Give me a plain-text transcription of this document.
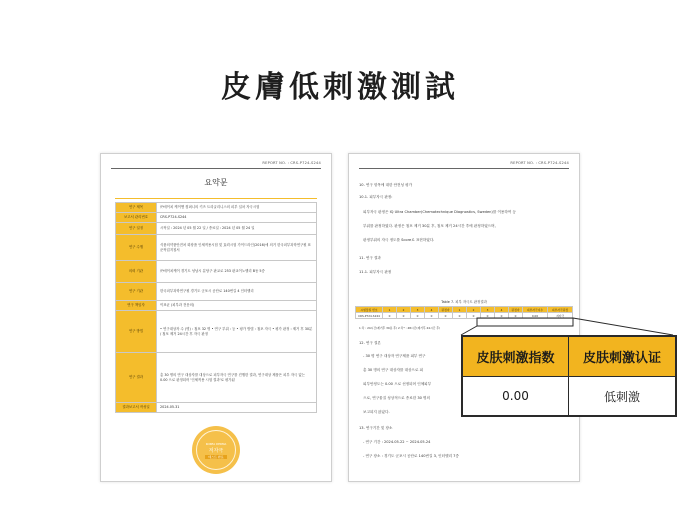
皮膚低刺激測試
REPORT NO. : CRS-P724-S244
요약문
연구 제목	㈜에이치 케이엔 컴퍼니의 키즈 트리클리니스의 피부 일차 자극시험
보고서 관리번호	CRS-P724-S244
연구 일정	시작일 : 2024 년 05 월 22 일 / 종료일 : 2024 년 05 월 24 일
연구 수행	식품의약품안전처 화장품 인체적용시험 및 효력시험 가이드라인(2016)에 의거 한국피부과학연구원 표준작업지침서
의뢰 기관	㈜에이치케이 경기도 성남시 분당구 판교로 253 판교이노밸리 B동 5층
연구 기관	한국피부과학연구원 경기도 군포시 공단로 140번길 4 인터밸리
연구 책임자	이표균 (피부과 전문의)
연구 방법	• 연구대상자 수 (명) : 첩포 32 명 • 연구 부위 : 등 • 평가 방법 : 첩포 자극 • 평가 판정 : 제거 후 30분 / 첩포 제거 24시간 후 자극 판정
연구 결과	총 30 명의 연구 대상자를 대상으로 피부자극 연구를 진행한 결과, 연구대상 제품은 피부 자극 없는 0.00 으로 판정되어 '인체적용 시험 결과'로 평가됨
결과보고서 작성일	2024.05.31
KOREA DERMA
저자극
테스트 완료
REPORT NO. : CRS-P724-S244
10. 연구 항목에 대한 안전성 평가
10.1. 피부자극 판정:
피부자극 판정은 IQ Ultra Chamber(Chemotechnique Diagnostics, Sweden)를 이용하여 등
부위를 판정하였다. 판정은 첩포 제거 30분 후, 첩포 제거 24시간 후에 판정하였으며,
판정부위의 자극 정도를 Score로 표현하였다.
11. 연구 결과
11.1. 피부자극 판정
Table 7. 피부 자극도 판정결과
시험물질 번호	1	2	3	4	판정자	1	2	3	4	판정자	피부자극지수	피부자극판정
CRS-P724-S244	0	0	0	0	0	0	0	0	0	0	0.00	저자극
1 차 : 24시간(제거후 30분 후) 2 차* : 48시간(제거후 24시간 후)
12. 연구 결론
- 30 명 연구 대상자 연구제품 피부 연구
총 30 명의 연구 대상자를 대상으로 피
피부안정도는 0.00 으로 선정되어 인체피부
으로, 연구물질 성상적으로 종료한 30 명의
보고되지 않았다.
13. 연구기간 및 장소
- 연구 기간 : 2024.05.22 ~ 2024.05.24
- 연구 장소 : 경기도 군포시 공단로 140번길 3, 인터밸리 7층
皮肤刺激指数	皮肤刺激认证
0.00	低刺激
